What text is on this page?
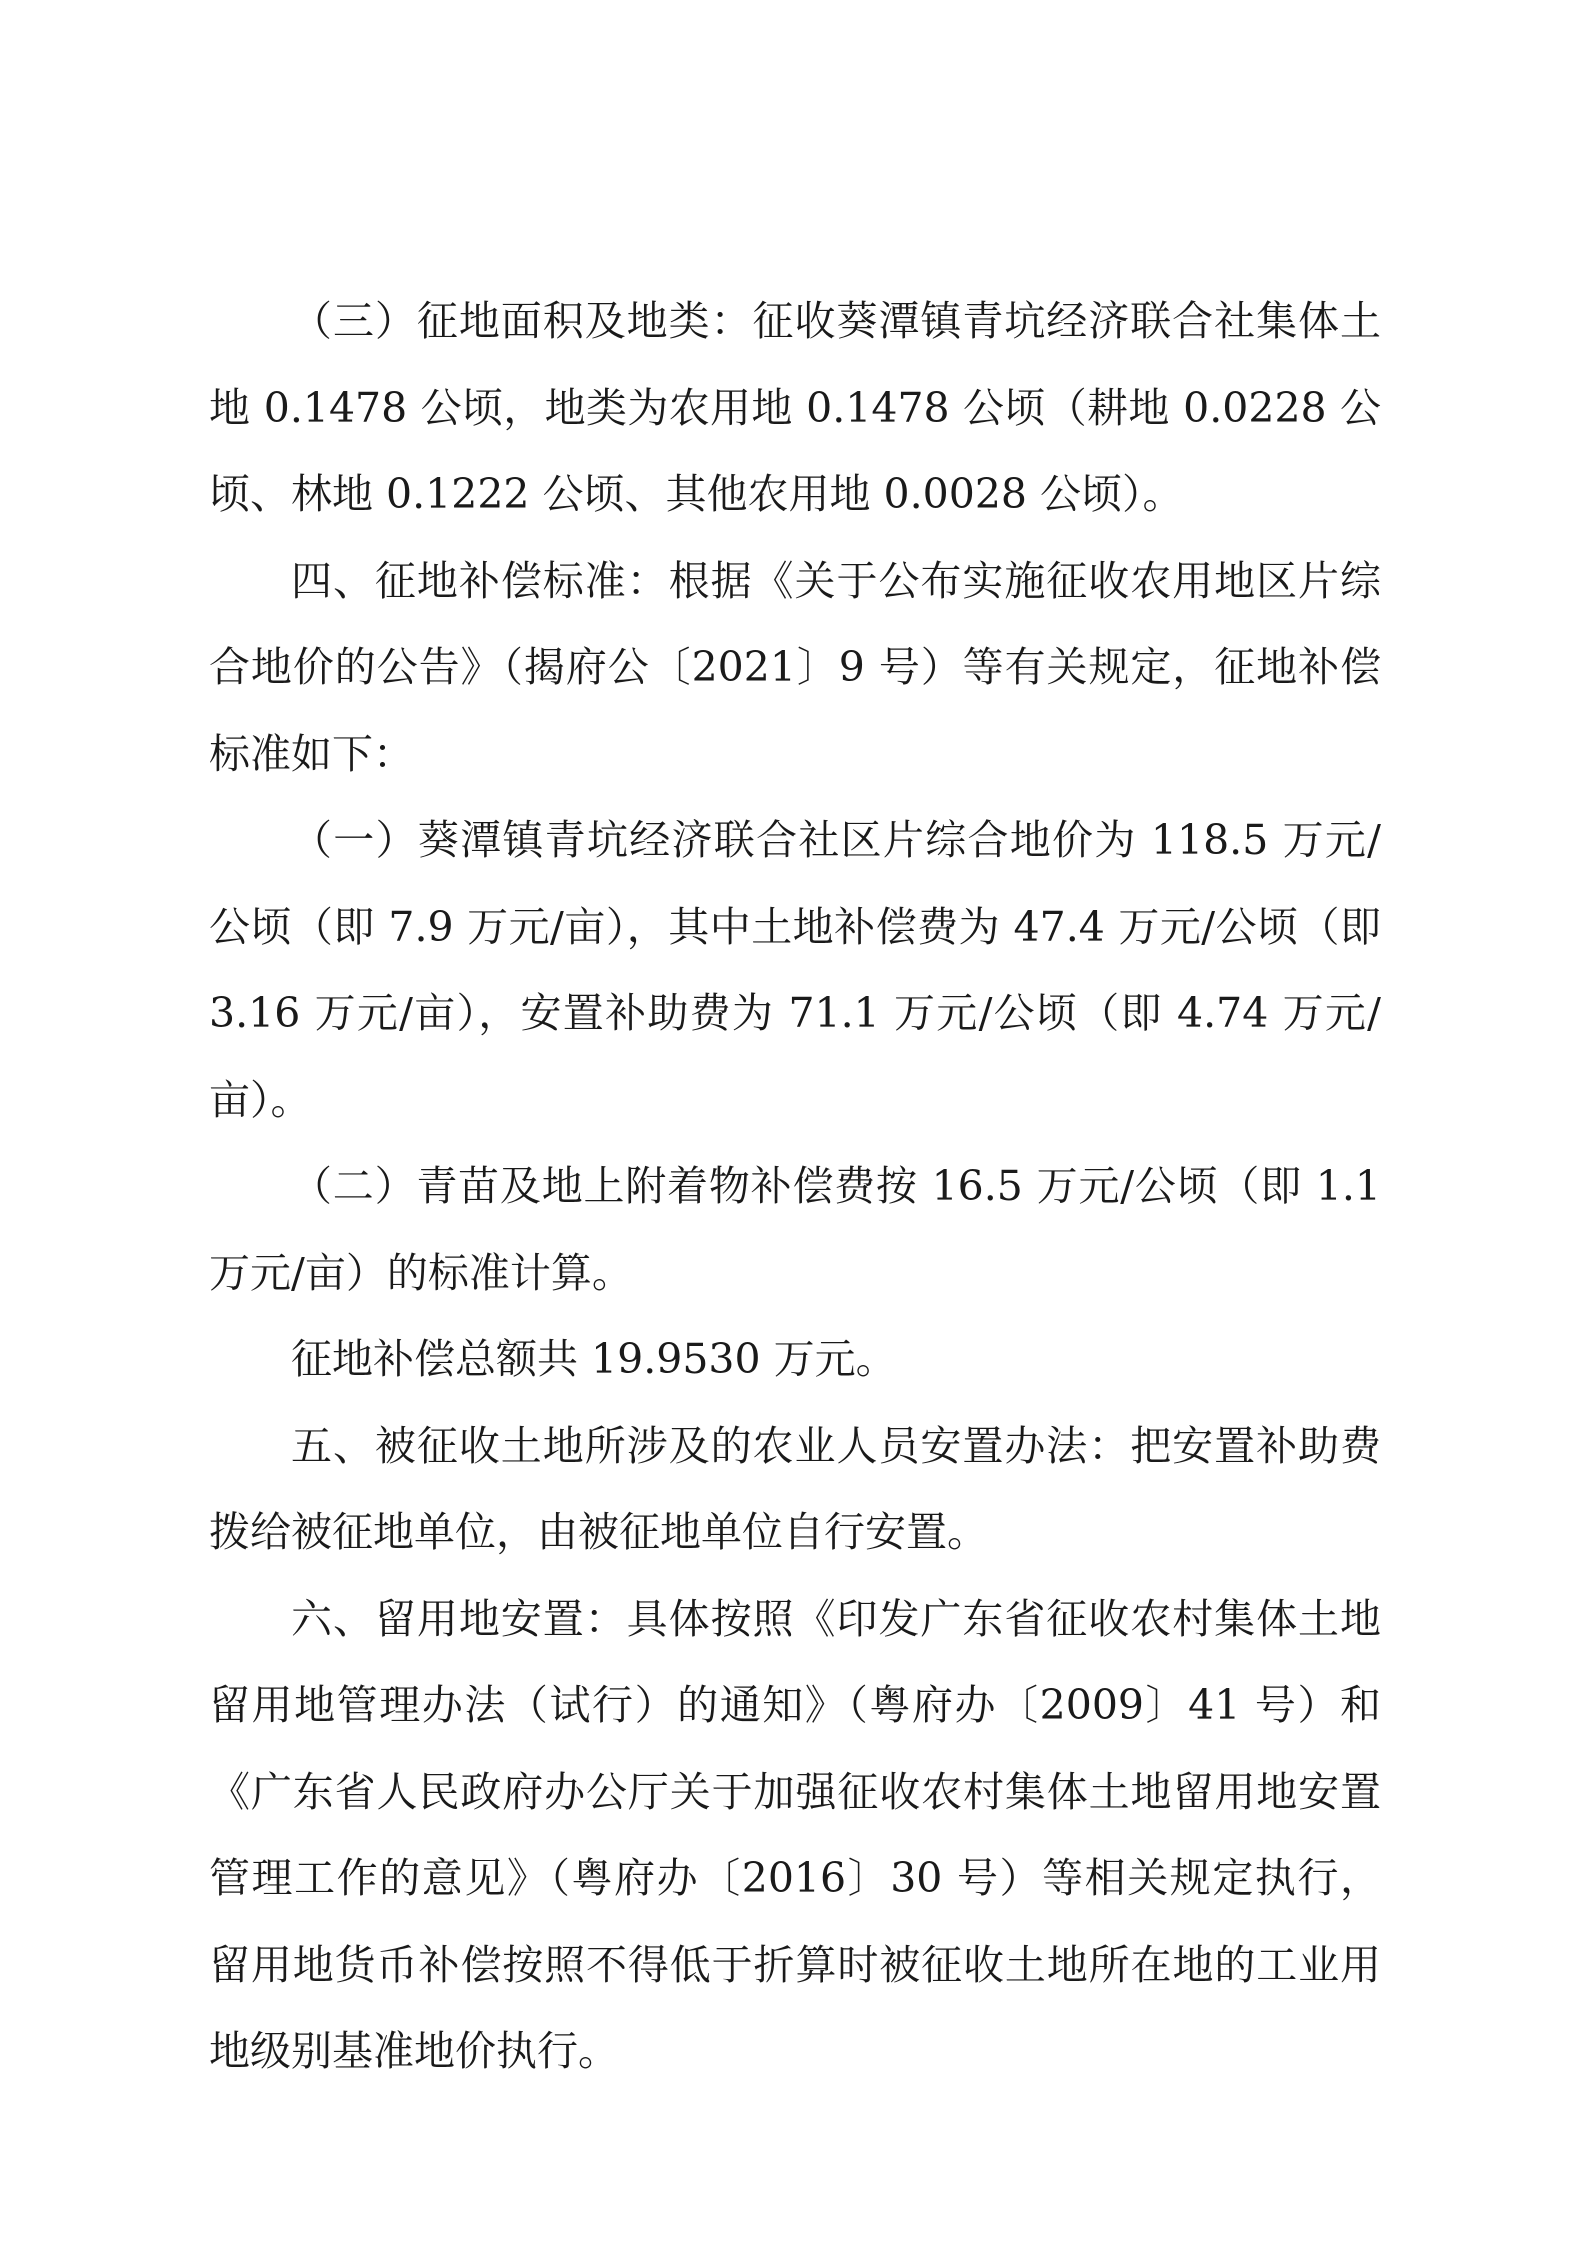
（三）征地面积及地类：征收葵潭镇青坑经济联合社集体土地 0.1478 公顷，地类为农用地 0.1478 公顷（耕地 0.0228 公顷、林地 0.1222 公顷、其他农用地 0.0028 公顷）。

四、征地补偿标准：根据《关于公布实施征收农用地区片综合地价的公告》（揭府公〔2021〕9 号）等有关规定，征地补偿标准如下：

（一）葵潭镇青坑经济联合社区片综合地价为 118.5 万元/公顷（即 7.9 万元/亩），其中土地补偿费为 47.4 万元/公顷（即 3.16 万元/亩），安置补助费为 71.1 万元/公顷（即 4.74 万元/亩）。

（二）青苗及地上附着物补偿费按 16.5 万元/公顷（即 1.1 万元/亩）的标准计算。

征地补偿总额共 19.9530 万元。

五、被征收土地所涉及的农业人员安置办法：把安置补助费拨给被征地单位，由被征地单位自行安置。

六、留用地安置：具体按照《印发广东省征收农村集体土地留用地管理办法（试行）的通知》（粤府办〔2009〕41 号）和《广东省人民政府办公厅关于加强征收农村集体土地留用地安置管理工作的意见》（粤府办〔2016〕30 号）等相关规定执行，留用地货币补偿按照不得低于折算时被征收土地所在地的工业用地级别基准地价执行。
